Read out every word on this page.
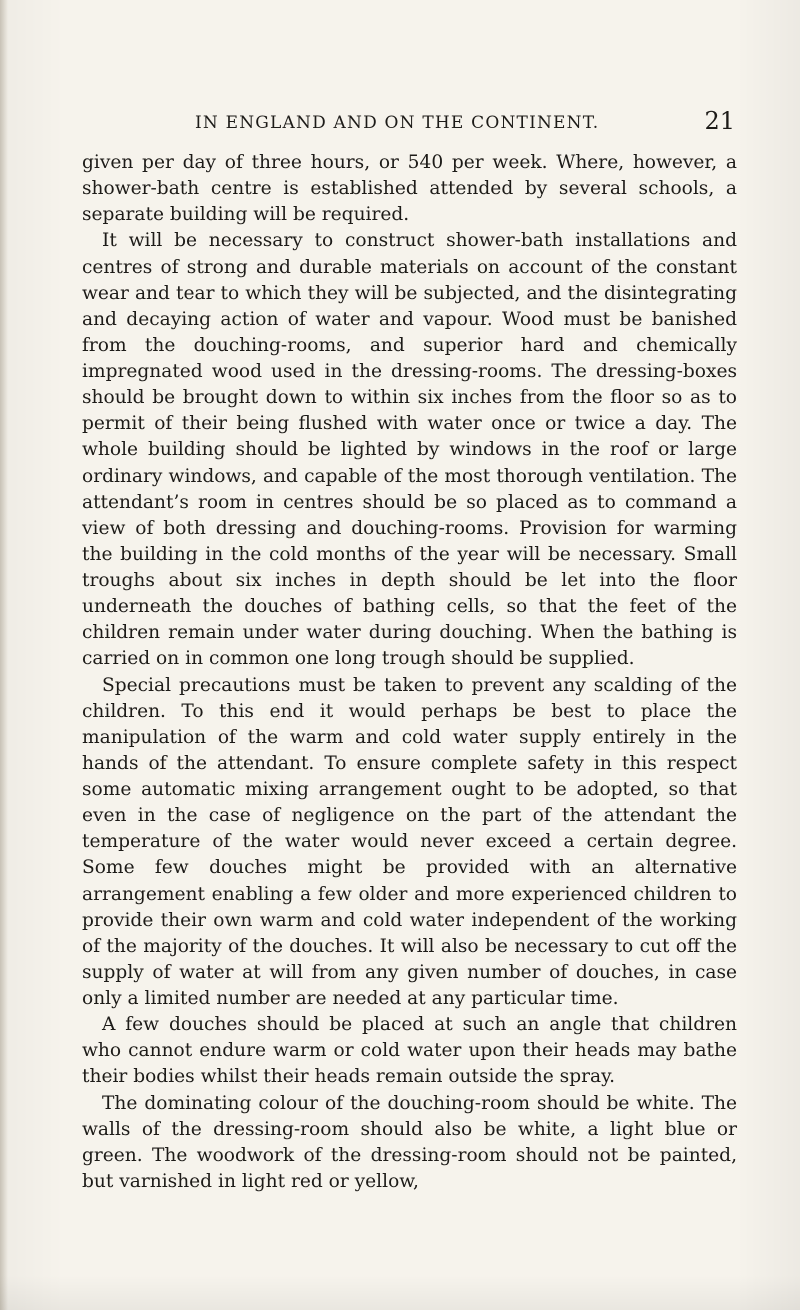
IN ENGLAND AND ON THE CONTINENT.	21

given per day of three hours, or 540 per week. Where, however, a shower-bath centre is established attended by several schools, a separate building will be required.

It will be necessary to construct shower-bath installations and centres of strong and durable materials on account of the constant wear and tear to which they will be subjected, and the disintegrating and decaying action of water and vapour. Wood must be banished from the douching-rooms, and superior hard and chemically impregnated wood used in the dressing-rooms. The dressing-boxes should be brought down to within six inches from the floor so as to permit of their being flushed with water once or twice a day. The whole building should be lighted by windows in the roof or large ordinary windows, and capable of the most thorough ventilation. The attendant’s room in centres should be so placed as to command a view of both dressing and douching-rooms. Provision for warming the building in the cold months of the year will be necessary. Small troughs about six inches in depth should be let into the floor underneath the douches of bathing cells, so that the feet of the children remain under water during douching. When the bathing is carried on in common one long trough should be supplied.

Special precautions must be taken to prevent any scalding of the children. To this end it would perhaps be best to place the manipulation of the warm and cold water supply entirely in the hands of the attendant. To ensure complete safety in this respect some automatic mixing arrangement ought to be adopted, so that even in the case of negligence on the part of the attendant the temperature of the water would never exceed a certain degree. Some few douches might be provided with an alternative arrangement enabling a few older and more experienced children to provide their own warm and cold water independent of the working of the majority of the douches. It will also be necessary to cut off the supply of water at will from any given number of douches, in case only a limited number are needed at any particular time.

A few douches should be placed at such an angle that children who cannot endure warm or cold water upon their heads may bathe their bodies whilst their heads remain outside the spray.

The dominating colour of the douching-room should be white. The walls of the dressing-room should also be white, a light blue or green. The woodwork of the dressing-room should not be painted, but varnished in light red or yellow,
